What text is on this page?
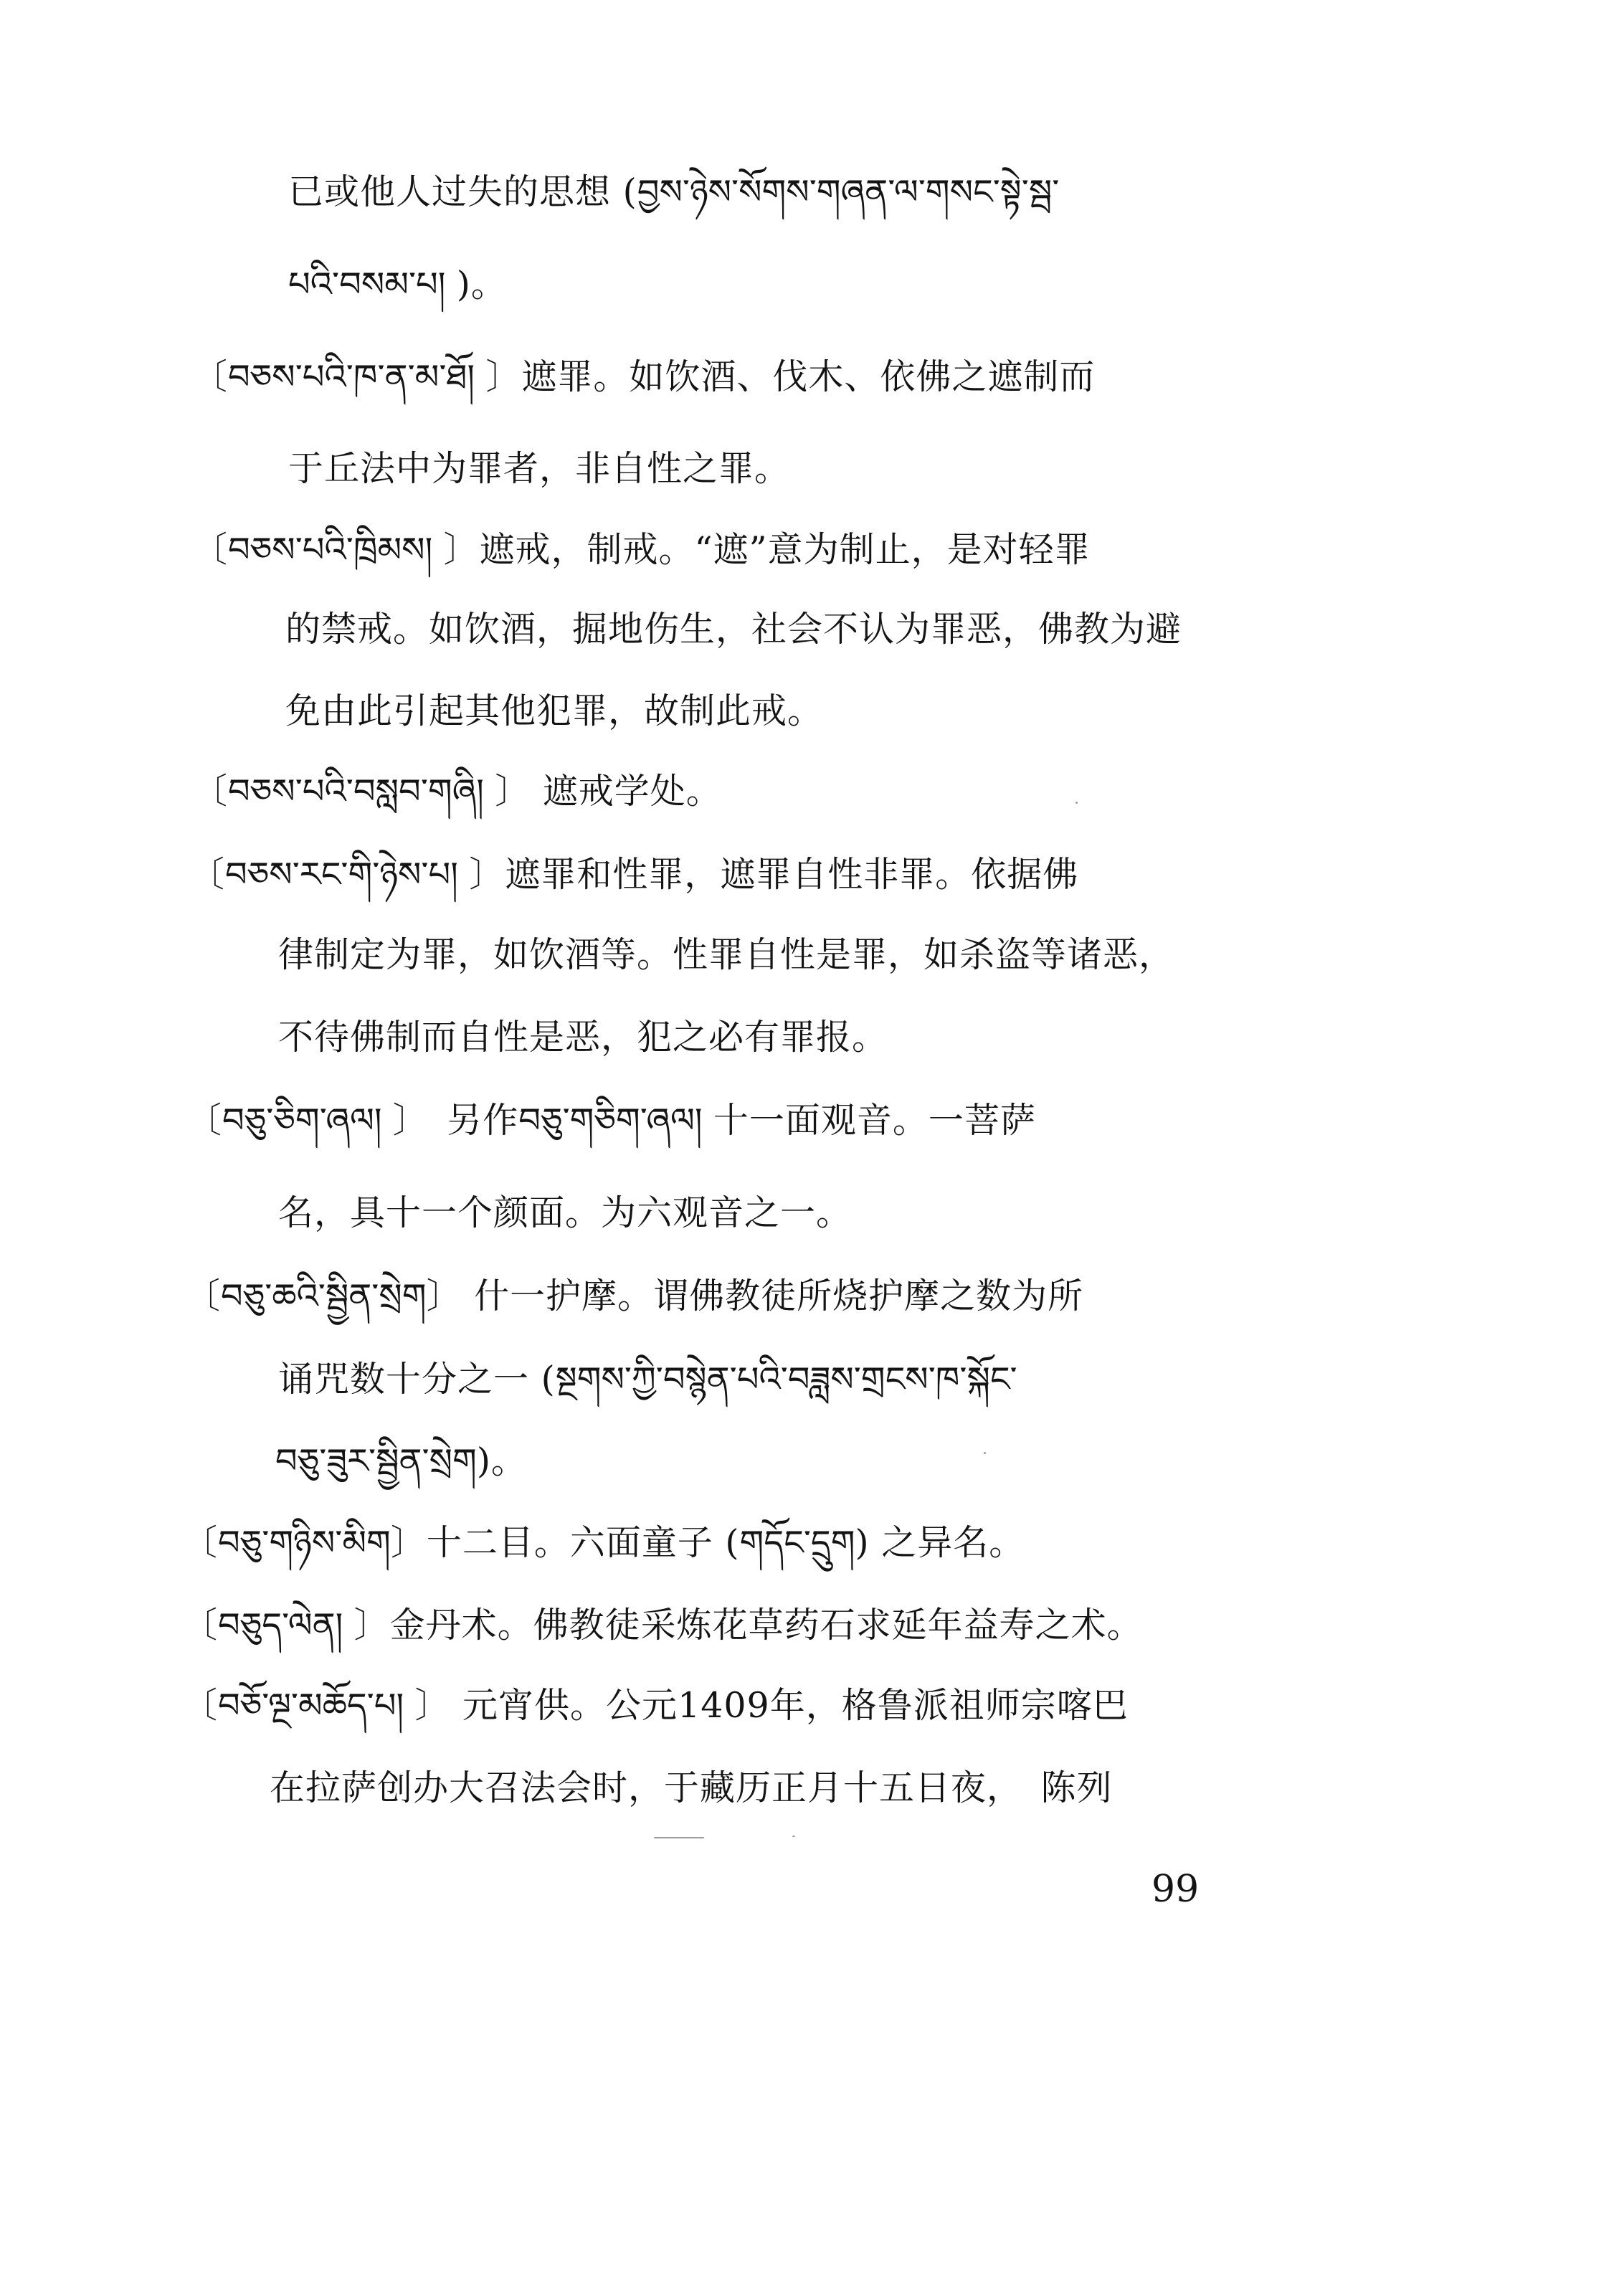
已或他人过失的思想 (བྱས་ཉེས་སོགས་གཞན་ལ་གསང་སྟེ་སྦ་
པའི་བསམ་པ། )。
〔བཅས་པའི་ཁ་ན་མ་ཐོ། 〕遮罪。如饮酒、伐木、依佛之遮制而
于丘法中为罪者，非自性之罪。
〔བཅས་པའི་ཁྲིམས། 〕遮戒，制戒。“遮”意为制止，是对轻罪
的禁戒。如饮酒，掘地伤生，社会不认为罪恶，佛教为避
免由此引起其他犯罪，故制此戒。
〔བཅས་པའི་བསླབ་གཞི། 〕 遮戒学处。
〔བཅས་རང་གི་ཉེས་པ། 〕遮罪和性罪，遮罪自性非罪。依据佛
律制定为罪，如饮酒等。性罪自性是罪，如杀盗等诸恶，
不待佛制而自性是恶，犯之必有罪报。
〔བཅུ་ཅིག་ཞལ། 〕　另作བཅུ་གཅིག་ཞལ། 十一面观音。一菩萨
名，具十一个颜面。为六观音之一。
〔བཅུ་ཆའི་སྦྱིན་སྲེག〕 什一护摩。谓佛教徒所烧护摩之数为所
诵咒数十分之一 (སྔགས་ཀྱི་བསྙེན་པའི་བཟླས་གྲངས་ཁ་སྐོང་
བཅུ་ཟུར་སྦྱིན་སྲེག)。
〔བཅུ་གཉིས་མིག〕十二目。六面童子 (གདོང་དྲུག) 之异名。
〔བཅུད་ལེན། 〕金丹术。佛教徒采炼花草药石求延年益寿之术。
〔བཅོ་ལྔ་མཆོད་པ། 〕 元宵供。公元1409年，格鲁派祖师宗喀巴
在拉萨创办大召法会时，于藏历正月十五日夜，　陈列
99
